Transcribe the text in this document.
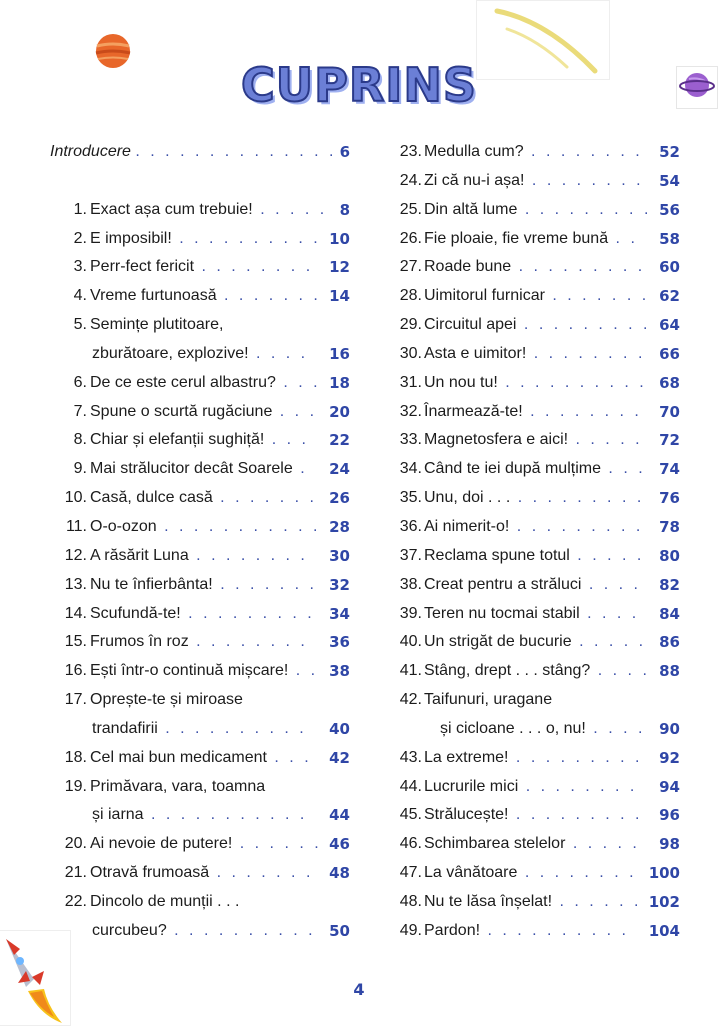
CUPRINS
Introducere . . . . . . . . . . . . . . 6
1. Exact așa cum trebuie! . . . . . 8
2. E imposibil! . . . . . . . . . . 10
3. Perr-fect fericit . . . . . . . . 12
4. Vreme furtunoasă . . . . . . . 14
5. Semințe plutitoare,
zburătoare, explozive! . . . . 16
6. De ce este cerul albastru? . . . 18
7. Spune o scurtă rugăciune . . . 20
8. Chiar și elefanții sughiță! . . . 22
9. Mai strălucitor decât Soarele . 24
10. Casă, dulce casă . . . . . . . 26
11. O-o-ozon . . . . . . . . . . . 28
12. A răsărit Luna . . . . . . . . 30
13. Nu te înfierbânta! . . . . . . . 32
14. Scufundă-te! . . . . . . . . . 34
15. Frumos în roz . . . . . . . . 36
16. Ești într-o continuă mișcare! . . 38
17. Oprește-te și miroase
trandafirii . . . . . . . . . . 40
18. Cel mai bun medicament . . . 42
19. Primăvara, vara, toamna
și iarna . . . . . . . . . . . 44
20. Ai nevoie de putere! . . . . . . 46
21. Otravă frumoasă . . . . . . . 48
22. Dincolo de munții . . .
curcubeu? . . . . . . . . . . 50
23. Medulla cum? . . . . . . . . 52
24. Zi că nu-i așa! . . . . . . . . 54
25. Din altă lume . . . . . . . . . 56
26. Fie ploaie, fie vreme bună . . 58
27. Roade bune . . . . . . . . . 60
28. Uimitorul furnicar . . . . . . . 62
29. Circuitul apei . . . . . . . . . 64
30. Asta e uimitor! . . . . . . . . 66
31. Un nou tu! . . . . . . . . . . 68
32. Înarmează-te! . . . . . . . . 70
33. Magnetosfera e aici! . . . . . 72
34. Când te iei după mulțime . . . 74
35. Unu, doi . . . . . . . . . . . . 76
36. Ai nimerit-o! . . . . . . . . . 78
37. Reclama spune totul . . . . . 80
38. Creat pentru a străluci . . . . 82
39. Teren nu tocmai stabil . . . . 84
40. Un strigăt de bucurie . . . . . 86
41. Stâng, drept . . . stâng? . . . . 88
42. Taifunuri, uragane
și cicloane . . . o, nu! . . . . 90
43. La extreme! . . . . . . . . . 92
44. Lucrurile mici . . . . . . . . 94
45. Strălucește! . . . . . . . . . 96
46. Schimbarea stelelor . . . . . 98
47. La vânătoare . . . . . . . . 100
48. Nu te lăsa înșelat! . . . . . . 102
49. Pardon! . . . . . . . . . . 104
4
